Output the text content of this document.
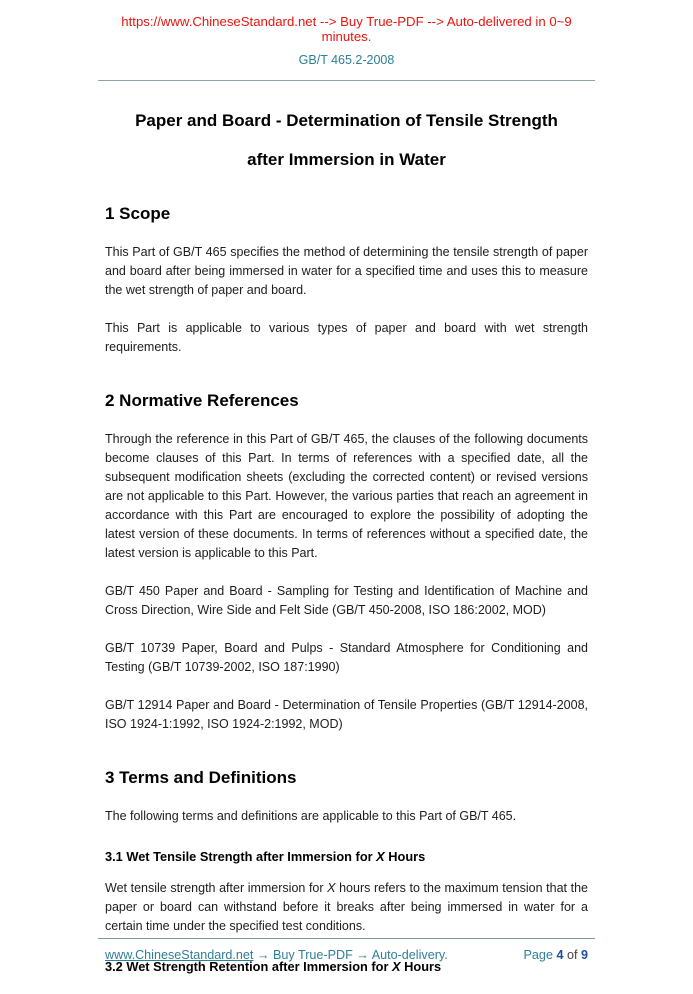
https://www.ChineseStandard.net --> Buy True-PDF --> Auto-delivered in 0~9 minutes.
GB/T 465.2-2008
Paper and Board - Determination of Tensile Strength
after Immersion in Water
1 Scope

This Part of GB/T 465 specifies the method of determining the tensile strength of paper and board after being immersed in water for a specified time and uses this to measure the wet strength of paper and board.

This Part is applicable to various types of paper and board with wet strength requirements.

2 Normative References

Through the reference in this Part of GB/T 465, the clauses of the following documents become clauses of this Part. In terms of references with a specified date, all the subsequent modification sheets (excluding the corrected content) or revised versions are not applicable to this Part. However, the various parties that reach an agreement in accordance with this Part are encouraged to explore the possibility of adopting the latest version of these documents. In terms of references without a specified date, the latest version is applicable to this Part.

GB/T 450 Paper and Board - Sampling for Testing and Identification of Machine and Cross Direction, Wire Side and Felt Side (GB/T 450-2008, ISO 186:2002, MOD)

GB/T 10739 Paper, Board and Pulps - Standard Atmosphere for Conditioning and Testing (GB/T 10739-2002, ISO 187:1990)

GB/T 12914 Paper and Board - Determination of Tensile Properties (GB/T 12914-2008, ISO 1924-1:1992, ISO 1924-2:1992, MOD)

3 Terms and Definitions

The following terms and definitions are applicable to this Part of GB/T 465.

3.1 Wet Tensile Strength after Immersion for X Hours

Wet tensile strength after immersion for X hours refers to the maximum tension that the paper or board can withstand before it breaks after being immersed in water for a certain time under the specified test conditions.

3.2 Wet Strength Retention after Immersion for X Hours
www.ChineseStandard.net → Buy True-PDF → Auto-delivery.	Page 4 of 9
